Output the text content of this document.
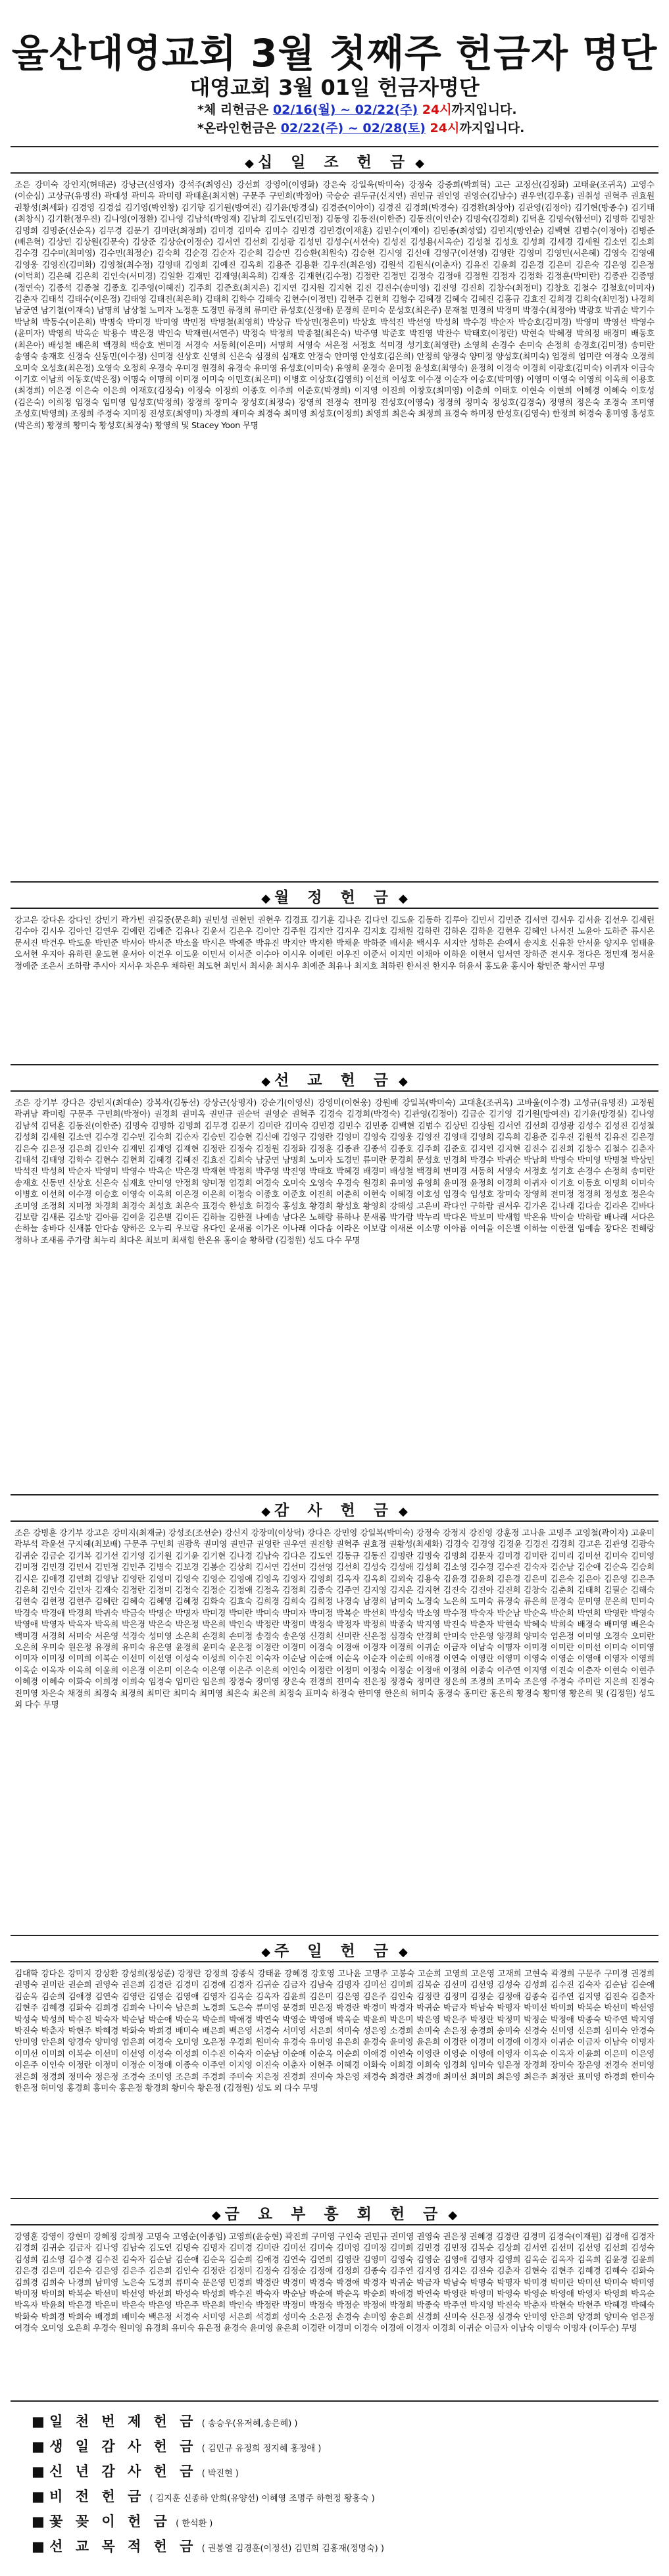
울산대영교회 3월 첫째주 헌금자 명단
대영교회 3월 01일 헌금자명단
*체 리헌금은 02/16(월) ~ 02/22(주) 24시까지입니다.
*온라인헌금은 02/22(주) ~ 02/28(토) 24시까지입니다.
◆ 십 일 조 헌 금 ◆
조은 강미숙 강인지(허태곤) 강낭근(신영자) 강석주(최영신) 강선희 강영이(이영화) 강은숙 강일욱(박미숙) 강정숙 강중희(박희혁) 고근 고정선(김정화) 고태윤(조귀옥) 고영수(이순심) 고상규(유명진) 곽대성 곽미옥 곽미령 곽태훈(최지현) 구문주 구민희(박정아) 국승순 권두규(신지연) 권민규 권인영 권영순(김남수) 권우연(김우홍) 권취성 권혁주 권효원 권황성(최세화) 김경영 김경섭 김기영(박인창) 김기향 김기원(방여진) 김기윤(방경실) 김경준(이아이) 김경진 김경희(박경숙) 김경환(최상아) 김관영(김정아) 김기현(방종수) 김기태(최창식) 김기환(정우진) 김나영(이정환) 김나영 김남석(박영재) 김남희 김도연(김민정) 김동영 김동진(이한준) 김동진(이인순) 김명숙(김경희) 김덕훈 김명숙(함선미) 김명하 김명찬 김명희 김명준(신순옥) 김무경 김문기 김미란(최정희) 김미경 김미숙 김미수 김민경 김민경(이재훈) 김민수(이재이) 김민종(최성열) 김민지(방인순) 김백현 김범수(이정아) 김병준(배은혁) 김상민 김상원(김문숙) 김상준 김상순(이정순) 김서연 김선희 김성광 김성민 김성수(서선숙) 김성진 김성용(서옥순) 김성철 김성호 김성희 김세경 김세원 김소연 김소희 김수경 김수미(최미영) 김수민(최정순) 김숙희 김순경 김순자 김순희 김승민 김승환(최원숙) 김승현 김시영 김신애 김영구(이선영) 김영란 김영미 김영민(서은혜) 김영숙 김영애 김영웅 김영진(김미화) 김영철(최수정) 김영태 김영희 김예진 김옥희 김용준 김용환 김우진(최은영) 김원석 김원식(이춘자) 김유진 김윤희 김은경 김은미 김은숙 김은영 김은정(이덕희) 김은혜 김은희 김인숙(서미경) 김일환 김재민 김재영(최옥희) 김재웅 김재현(김수정) 김정란 김정민 김정숙 김정애 김정원 김정자 김정화 김정훈(박미란) 김종관 김종명(정연숙) 김종석 김종철 김종호 김주영(이혜진) 김주희 김준호(최지은) 김지연 김지원 김지현 김진 김진수(송미영) 김진영 김진희 김창수(최정미) 김창호 김철수 김철호(이미자) 김춘자 김태석 김태수(이은정) 김태영 김태진(최은희) 김태희 김학수 김해숙 김현수(이정민) 김현주 김현희 김형수 김혜경 김혜숙 김혜진 김홍규 김효진 김희경 김희숙(최민정) 나경희 남궁연 남기철(이재숙) 남명희 남상철 노미자 노정훈 도경민 류경희 류미란 류성호(신정애) 문경희 문미숙 문성호(최은주) 문재철 민경희 박경미 박경수(최정아) 박광호 박귀순 박기수 박남희 박동수(이은희) 박명숙 박미경 박미영 박민정 박병철(최영희) 박상규 박상민(정은미) 박상호 박석진 박선영 박성희 박수경 박순자 박승호(김미경) 박영미 박영선 박영수(윤미자) 박영희 박옥순 박용수 박은경 박인숙 박재현(서연주) 박정숙 박정희 박종철(최은숙) 박주영 박준호 박진영 박찬수 박태호(이정란) 박현숙 박혜경 박희정 배경미 배동호(최은아) 배성철 배은희 백경희 백승호 변미경 서경숙 서동희(이은미) 서명희 서영숙 서은정 서정호 석미경 성기호(최영란) 소영희 손경수 손미숙 손정희 송경호(김미정) 송미란 송영숙 송재호 신경숙 신동민(이수정) 신미경 신상호 신영희 신은숙 심경희 심재호 안경숙 안미영 안성호(김은희) 안정희 양경숙 양미정 양성호(최미숙) 엄경희 엄미란 여경숙 오경희 오미숙 오성호(최은정) 오영숙 오정희 우경숙 우미경 원경희 유경숙 유미영 유성호(이미숙) 유영희 윤경숙 윤미정 윤성호(최영숙) 윤정희 이경숙 이경희 이광호(김미숙) 이귀자 이금숙 이기호 이남희 이동호(박은정) 이명숙 이명희 이미경 이미숙 이민호(최은미) 이병호 이상호(김영희) 이선희 이성호 이수경 이순자 이승호(박미영) 이영미 이영숙 이영희 이옥희 이용호(최경희) 이은경 이은숙 이은희 이재호(김정숙) 이정숙 이정희 이종호 이주희 이준호(박경희) 이지영 이진희 이창호(최미영) 이춘희 이태호 이현숙 이현희 이혜경 이혜숙 이호성(김은숙) 이희정 임경숙 임미영 임성호(박정희) 장경희 장미숙 장성호(최정숙) 장영희 전경숙 전미정 전성호(이영숙) 정경희 정미숙 정성호(김경숙) 정영희 정은숙 조경숙 조미영 조성호(박영희) 조정희 주경숙 지미정 진성호(최영미) 차경희 채미숙 최경숙 최미영 최성호(이정희) 최영희 최은숙 최정희 표경숙 하미정 한성호(김영숙) 한정희 허경숙 홍미영 홍성호(박은희) 황경희 황미숙 황성호(최경숙) 황영희 및 Stacey Yoon 무명
◆ 월 정 헌 금 ◆
강고은 강다온 강다인 강민기 곽가빈 권길중(문은희) 권민성 권현민 권현우 김경표 김기훈 김나은 김다인 김도윤 김동하 김루아 김민서 김민준 김서연 김서우 김서윤 김선우 김세린 김수아 김시우 김아인 김연우 김예린 김예준 김유나 김윤서 김은우 김이안 김주원 김지안 김지우 김지호 김채원 김하린 김하온 김하윤 김현우 김혜인 나서진 노윤아 도하준 류시온 문서진 박건우 박도윤 박민준 박서아 박서준 박소율 박시은 박예준 박유진 박지안 박지한 박채윤 박하준 배서윤 백시우 서지안 성하은 손예서 송지호 신유찬 안서윤 양지우 엄태윤 오서현 우지아 유하린 윤도현 윤서아 이건우 이도윤 이민서 이서준 이수아 이시우 이예린 이우진 이준서 이지민 이채아 이하윤 이현서 임서연 장하준 전시우 정다은 정민재 정서윤 정예준 조은서 조하람 주시아 지서우 차은우 채하린 최도현 최민서 최서윤 최시우 최예준 최유나 최지호 최하린 한서진 한지우 허윤서 홍도윤 홍시아 황민준 황서연 무명
◆ 선 교 헌 금 ◆
조은 강기부 강다은 강민지(최대순) 강복자(김동선) 강상근(상명자) 강순기(이영신) 강영미(이현웅) 강원배 강일복(박미숙) 고대훈(조귀옥) 고바울(이수경) 고성규(유명진) 고정원 곽귀남 곽미령 구문주 구민희(박정아) 권경희 권미옥 권민규 권순덕 권영순 권혁주 김경숙 김경희(박경숙) 김관영(김정아) 김금순 김기영 김기원(방여진) 김기윤(방경실) 김나영 김남석 김덕훈 김동진(이한준) 김명숙 김명하 김명희 김무경 김문기 김미란 김미숙 김민경 김민수 김민종 김백현 김범수 김상민 김상원 김서연 김선희 김성광 김성수 김성진 김성철 김성희 김세원 김소연 김수경 김수민 김숙희 김순자 김승민 김승현 김신애 김영구 김영란 김영미 김영숙 김영웅 김영진 김영태 김영희 김옥희 김용준 김우진 김원석 김유진 김은경 김은숙 김은정 김은희 김인숙 김재민 김재영 김재현 김정란 김정숙 김정원 김정화 김정훈 김종관 김종석 김종호 김주희 김준호 김지연 김지현 김진수 김진희 김창수 김철수 김춘자 김태석 김태영 김학수 김현수 김현희 김혜경 김혜진 김효진 김희숙 남궁연 남명희 노미자 도경민 류미란 문경희 문성호 민경희 박경수 박귀순 박남희 박명숙 박미영 박병철 박상민 박석진 박성희 박순자 박영미 박영수 박옥순 박은경 박재현 박정희 박주영 박진영 박태호 박혜경 배경미 배성철 백경희 변미경 서동희 서영숙 서정호 성기호 손경수 손정희 송미란 송재호 신동민 신상호 신은숙 심재호 안미영 안정희 양미정 엄경희 여경숙 오미숙 오영숙 우경숙 원경희 유미영 유영희 윤미정 윤정희 이경희 이귀자 이기호 이동호 이명희 이미숙 이병호 이선희 이수경 이승호 이영숙 이옥희 이은경 이은희 이정숙 이종호 이준호 이진희 이춘희 이현숙 이혜경 이호성 임경숙 임성호 장미숙 장영희 전미정 정경희 정성호 정은숙 조미영 조정희 지미정 차경희 최경숙 최성호 최은숙 표경숙 한성호 허경숙 홍성호 황경희 황성호 황영희 강해성 고은비 곽다인 구하람 권서우 김가온 김나래 김다솜 김라온 김바다 김보람 김새론 김소망 김아름 김여울 김은별 김이든 김하늘 김한결 나예솜 남다온 노해랑 류하나 문새롬 박가람 박누리 박다온 박보미 박새힘 박온유 박이슬 박하람 배나래 서다은 손하늘 송바다 신새봄 안다솜 양하은 오누리 우보람 유다인 윤새롬 이가온 이나래 이다솜 이라온 이보람 이새론 이소망 이아름 이여울 이은별 이하늘 이한결 임예솜 장다온 전해랑 정하나 조새롬 주가람 최누리 최다온 최보미 최새힘 한온유 홍이슬 황하람 (김정원) 성도 다수 무명
◆ 감 사 헌 금 ◆
조은 강병훈 강기부 강고은 강미지(최재균) 강성조(조선순) 강신지 강장미(이상덕) 강다은 강민영 강일복(박미숙) 강정숙 강정지 강진영 강훈정 고나윤 고명주 고영철(곽이자) 고윤미 곽부석 곽윤선 구지혜(최보배) 구문주 구민희 권광욱 권미영 권민규 권영란 권우연 권진향 권혁주 권효정 권황성(최세화) 김경숙 김경영 김경윤 김경진 김경희 김고은 김관영 김광숙 김귀순 김금순 김기복 김기선 김기영 김기원 김기윤 김기현 김나경 김남숙 김다은 김도연 김동규 김동진 김명란 김명숙 김명희 김문자 김미경 김미란 김미리 김미선 김미숙 김미영 김미정 김민경 김민서 김민정 김민주 김병숙 김보경 김봉순 김상희 김서연 김선미 김선영 김선희 김성숙 김성애 김성희 김소영 김수경 김수진 김숙자 김순남 김순애 김순옥 김승희 김시은 김애경 김연희 김영남 김영란 김영미 김영숙 김영순 김영애 김영옥 김영자 김영희 김옥자 김옥희 김외숙 김용숙 김윤경 김윤희 김은경 김은미 김은숙 김은아 김은영 김은주 김은희 김인숙 김인자 김재숙 김정란 김정미 김정숙 김정순 김정애 김정옥 김정희 김종숙 김주연 김지영 김지은 김지현 김진숙 김진아 김진희 김창숙 김춘희 김태희 김필순 김해숙 김현숙 김현정 김현주 김혜란 김혜숙 김혜영 김혜정 김화숙 김효숙 김희경 김희숙 김희정 나경숙 남경희 남미숙 노경숙 노은희 도미숙 류경숙 류은희 문경숙 문미영 문은희 민미숙 박경숙 박경애 박경희 박귀숙 박금숙 박명순 박명자 박미경 박미란 박미숙 박미자 박미정 박복순 박선희 박성숙 박소영 박수정 박숙자 박순남 박순옥 박순희 박연희 박영란 박영숙 박영애 박영자 박옥자 박옥희 박은경 박은숙 박은정 박은희 박인숙 박정란 박정미 박정숙 박정자 박정희 박종숙 박지영 박진숙 박춘자 박현숙 박혜숙 박희숙 배경숙 배미영 배은숙 백미경 서경희 서미숙 서은영 석경숙 성미영 소은희 손경희 손미정 송경숙 송은영 신경희 신미란 신은정 심경숙 안경희 안미숙 안은영 양경희 양미숙 엄은정 여미영 오경숙 오미란 오은희 우미숙 원은정 유경희 유미숙 유은영 윤경희 윤미숙 윤은정 이경란 이경미 이경숙 이경애 이경자 이경희 이귀순 이금자 이남숙 이명자 이미경 이미란 이미선 이미숙 이미영 이미자 이미정 이미희 이복순 이선미 이선영 이성숙 이성희 이수진 이숙자 이순남 이순애 이순옥 이순자 이순희 이애경 이연숙 이영란 이영미 이영숙 이영순 이영애 이영자 이영희 이옥순 이옥자 이옥희 이윤희 이은경 이은미 이은숙 이은영 이은주 이은희 이인숙 이정란 이정미 이정숙 이정순 이정애 이정희 이종숙 이주연 이지영 이진숙 이춘자 이현숙 이현주 이혜경 이혜숙 이화숙 이희경 이희숙 임경숙 임미란 임은희 장경숙 장미영 장은숙 전경희 전미숙 전은정 정경숙 정미란 정은희 조경희 조미숙 조은영 주경숙 주미란 지은희 진경숙 진미영 차은숙 채경희 최경숙 최경희 최미란 최미숙 최미영 최은숙 최은희 최정숙 표미숙 하경숙 한미영 한은희 허미숙 홍경숙 홍미란 홍은희 황경숙 황미영 황은희 및 (김정원) 성도 외 다수 무명
◆ 주 일 헌 금 ◆
김대학 강다은 강미지 강상환 강성희(정성준) 강정란 강정희 강종식 강태윤 강혜경 강호영 고나윤 고명주 고봉숙 고순희 고영희 고은영 고재희 고현숙 곽경희 구문주 구미경 권경희 권명숙 권미란 권순희 권영숙 권은희 김경란 김경미 김경애 김경자 김귀순 김금자 김남숙 김명자 김미선 김미희 김복순 김선미 김선영 김성숙 김성희 김수진 김숙자 김순남 김순애 김순옥 김순희 김애경 김연숙 김영란 김영순 김영애 김영자 김옥순 김옥자 김윤희 김은미 김은영 김은주 김인숙 김정란 김정미 김정순 김정애 김종숙 김주연 김지영 김진숙 김춘자 김현주 김혜경 김화숙 김희경 김희숙 나미숙 남은희 노경희 도은숙 류미영 문경희 민은정 박경란 박경미 박경자 박귀순 박금자 박남숙 박명자 박미선 박미희 박복순 박선미 박선영 박성숙 박성희 박수진 박숙자 박순남 박순애 박순옥 박순희 박애경 박연숙 박영순 박영애 박옥순 박윤희 박은미 박은영 박은주 박정란 박정미 박정순 박정애 박종숙 박주연 박지영 박진숙 박춘자 박현주 박혜경 박화숙 박희경 배미숙 배은희 백은영 서경숙 서미영 서은희 석미숙 성은영 소경희 손미숙 손은정 송경희 송미숙 신경숙 신미영 신은희 심미숙 안경숙 안미영 안은희 양경숙 양미영 엄은희 여경숙 오미영 오은정 우경희 원미숙 유경숙 유미영 유은희 윤경숙 윤미영 윤은희 이경란 이경미 이경애 이경자 이귀순 이금자 이남숙 이명자 이미선 이미희 이복순 이선미 이선영 이성숙 이성희 이수진 이숙자 이순남 이순애 이순옥 이순희 이애경 이연숙 이영란 이영순 이영애 이영자 이옥순 이옥자 이윤희 이은미 이은영 이은주 이인숙 이정란 이정미 이정순 이정애 이종숙 이주연 이지영 이진숙 이춘자 이현주 이혜경 이화숙 이희경 이희숙 임경희 임미숙 임은정 장경희 장미숙 장은영 전경숙 전미영 전은희 정경희 정미숙 정은정 조경숙 조미영 조은희 주경희 주미숙 지은정 진경희 진미숙 차은영 채경숙 최경란 최경애 최미선 최미희 최은영 최은주 최정란 표미영 하경희 한미숙 한은정 허미영 홍경희 홍미숙 홍은정 황경희 황미숙 황은정 (김정원) 성도 외 다수 무명
◆ 금 요 부 흥 회 헌 금 ◆
강영훈 강영이 강현미 강혜정 강희정 고명숙 고영순(이종임) 고영희(윤승현) 곽진희 구미영 구인숙 권민규 권미영 권영숙 권은정 권혜경 김경란 김경미 김경숙(이재원) 김경애 김경자 김경희 김귀순 김금자 김나영 김남숙 김도연 김명숙 김명자 김미경 김미란 김미선 김미숙 김미영 김미정 김미희 김민경 김민정 김복순 김상희 김서연 김선미 김선영 김선희 김성숙 김성희 김소영 김수경 김수진 김숙자 김순남 김순애 김순옥 김순희 김애경 김연숙 김연희 김영란 김영미 김영숙 김영순 김영애 김영자 김영희 김옥순 김옥자 김옥희 김윤경 김윤희 김은경 김은미 김은숙 김은영 김은주 김은희 김인숙 김정란 김정미 김정숙 김정순 김정애 김정희 김종숙 김주연 김지영 김지은 김진숙 김춘자 김현숙 김현주 김혜경 김혜숙 김화숙 김희경 김희숙 나경희 남미영 노은숙 도경희 류미숙 문은영 민경희 박경란 박경미 박경숙 박경애 박경자 박귀순 박금자 박남숙 박명숙 박명자 박미경 박미란 박미선 박미숙 박미영 박미정 박미희 박복순 박선미 박선영 박선희 박성숙 박성희 박수진 박숙자 박순남 박순애 박순옥 박순희 박애경 박연숙 박영란 박영미 박영숙 박영순 박영애 박영자 박영희 박옥순 박옥자 박윤희 박은경 박은미 박은숙 박은영 박은주 박은희 박인숙 박정란 박정미 박정숙 박정순 박정애 박정희 박종숙 박주연 박지영 박진숙 박춘자 박현숙 박현주 박혜경 박혜숙 박화숙 박희경 박희숙 배경희 배미숙 백은정 서경숙 서미영 서은희 석경희 성미숙 소은정 손경숙 손미영 송은희 신경희 신미숙 신은정 심경숙 안미영 안은희 양경희 양미숙 엄은정 여경숙 오미영 오은희 우경숙 원미영 유경희 유미숙 유은정 윤경숙 윤미영 윤은희 이경란 이경미 이경숙 이경애 이경자 이경희 이귀순 이금자 이남숙 이명숙 이명자 (이두순) 무명
■ 일 천 번 제 헌 금 ( 송승우(유저혜,송은혜) )
■ 생 일 감 사 헌 금 ( 김민규 유정희 정지혜 홍정애 )
■ 신 년 감 사 헌 금 ( 박진현 )
■ 비 전 헌 금 ( 김지훈 신종하 안희(유양선) 이혜영 조명주 하현정 황홍숙 )
■ 꽃 꽂 이 헌 금 ( 한석환 )
■ 선 교 목 적 헌 금 ( 권봉열 김경훈(이정선) 김민희 김홍재(정명숙) )
